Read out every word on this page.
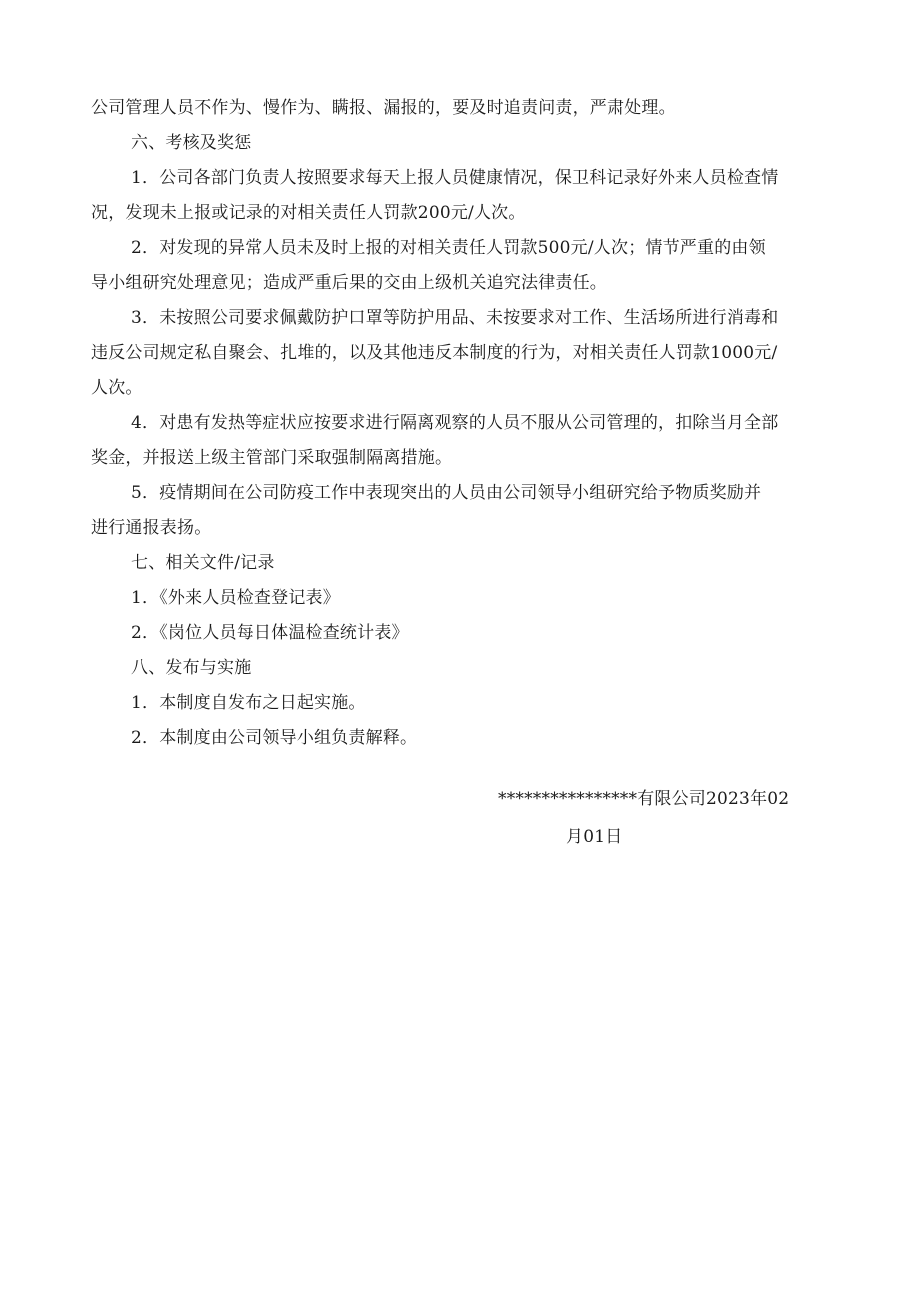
公司管理人员不作为、慢作为、瞒报、漏报的，要及时追责问责，严肃处理。
六、考核及奖惩
1．公司各部门负责人按照要求每天上报人员健康情况，保卫科记录好外来人员检查情
况，发现未上报或记录的对相关责任人罚款200元/人次。
2．对发现的异常人员未及时上报的对相关责任人罚款500元/人次；情节严重的由领
导小组研究处理意见；造成严重后果的交由上级机关追究法律责任。
3．未按照公司要求佩戴防护口罩等防护用品、未按要求对工作、生活场所进行消毒和
违反公司规定私自聚会、扎堆的，以及其他违反本制度的行为，对相关责任人罚款1000元/
人次。
4．对患有发热等症状应按要求进行隔离观察的人员不服从公司管理的，扣除当月全部
奖金，并报送上级主管部门采取强制隔离措施。
5．疫情期间在公司防疫工作中表现突出的人员由公司领导小组研究给予物质奖励并
进行通报表扬。
七、相关文件/记录
1．《外来人员检查登记表》
2．《岗位人员每日体温检查统计表》
八、发布与实施
1．本制度自发布之日起实施。
2．本制度由公司领导小组负责解释。
****************有限公司2023年02
月01日
